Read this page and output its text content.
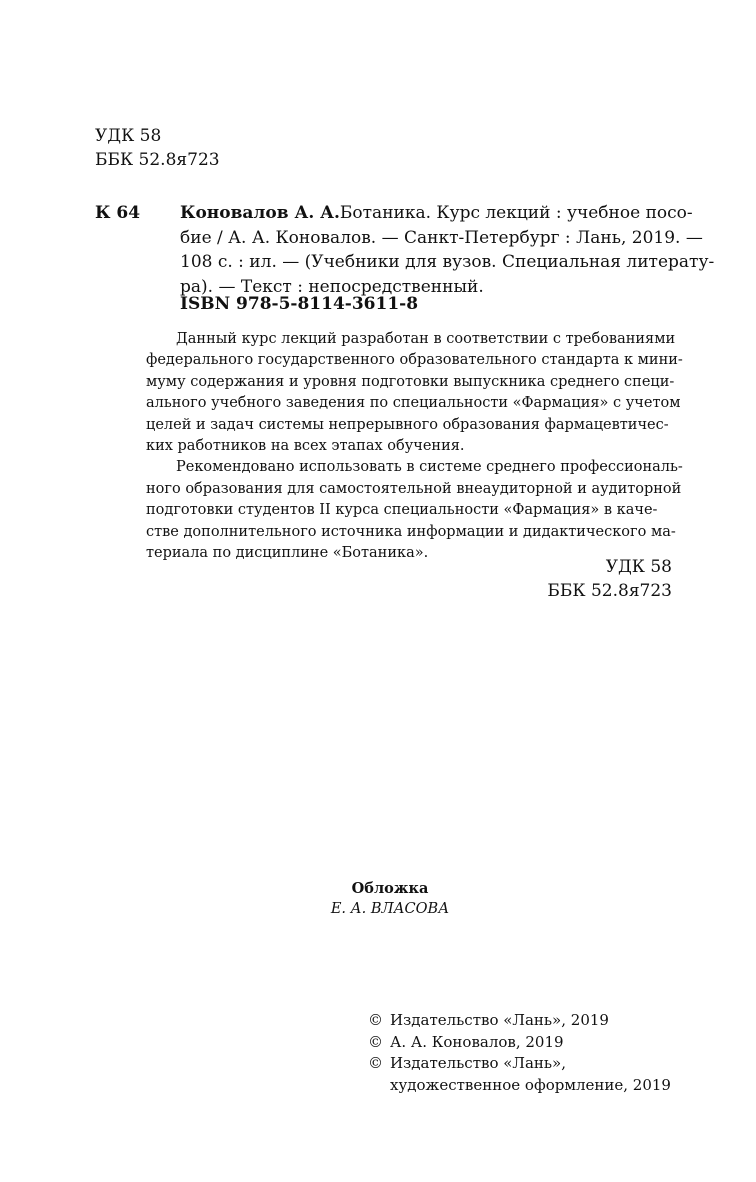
УДК 58
ББК 52.8я723
К 64 Коновалов А. А. Ботаника. Курс лекций : учебное посо-
бие / А. А. Коновалов. — Санкт-Петербург : Лань, 2019. —
108 с. : ил. — (Учебники для вузов. Специальная литерату-
ра). — Текст : непосредственный.
ISBN 978-5-8114-3611-8
Данный курс лекций разработан в соответствии с требованиями
федерального государственного образовательного стандарта к мини-
муму содержания и уровня подготовки выпускника среднего специ-
ального учебного заведения по специальности «Фармация» с учетом
целей и задач системы непрерывного образования фармацевтичес-
ких работников на всех этапах обучения.
Рекомендовано использовать в системе среднего профессиональ-
ного образования для самостоятельной внеаудиторной и аудиторной
подготовки студентов II курса специальности «Фармация» в каче-
стве дополнительного источника информации и дидактического ма-
териала по дисциплине «Ботаника».
УДК 58
ББК 52.8я723
Обложка
Е. А. ВЛАСОВА
© Издательство «Лань», 2019
© А. А. Коновалов, 2019
© Издательство «Лань»,
художественное оформление, 2019
